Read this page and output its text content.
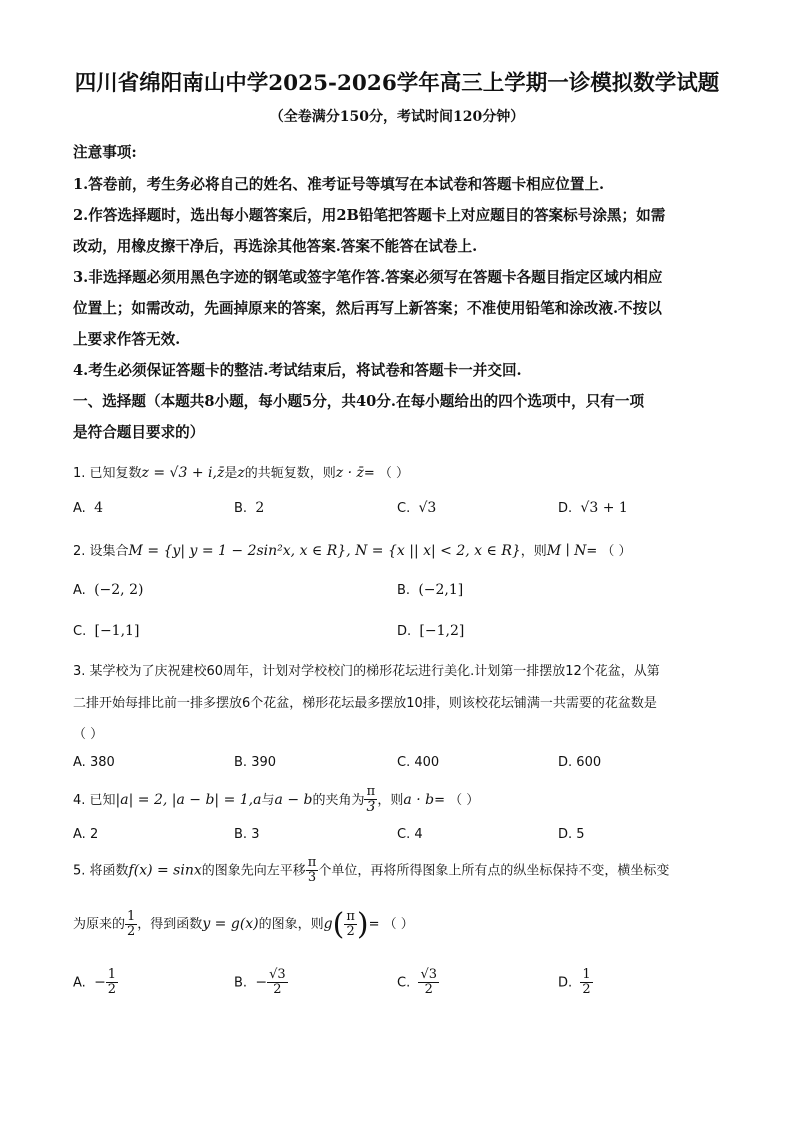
四川省绵阳南山中学2025-2026学年高三上学期一诊模拟数学试题
（全卷满分150分，考试时间120分钟）
注意事项:
1.答卷前，考生务必将自己的姓名、准考证号等填写在本试卷和答题卡相应位置上.
2.作答选择题时，选出每小题答案后，用2B铅笔把答题卡上对应题目的答案标号涂黑；如需
改动，用橡皮擦干净后，再选涂其他答案.答案不能答在试卷上.
3.非选择题必须用黑色字迹的钢笔或签字笔作答.答案必须写在答题卡各题目指定区域内相应
位置上；如需改动，先画掉原来的答案，然后再写上新答案；不准使用铅笔和涂改液.不按以
上要求作答无效.
4.考生必须保证答题卡的整洁.考试结束后，将试卷和答题卡一并交回.
一、选择题（本题共8小题，每小题5分，共40分.在每小题给出的四个选项中，只有一项
是符合题目要求的）
1. 已知复数z = √3 + i,z̄是z的共轭复数，则z · z̄= （ ）
A. 4	B. 2	C. √3	D. √3 + 1
2. 设集合M = {y| y = 1 − 2sin²x, x ∈ R}, N = {x || x| < 2, x ∈ R}，则M ∣ N= （ ）
A. (−2, 2)	B. (−2,1]
C. [−1,1]	D. [−1,2]
3. 某学校为了庆祝建校60周年，计划对学校校门的梯形花坛进行美化.计划第一排摆放12个花盆，从第
二排开始每排比前一排多摆放6个花盆，梯形花坛最多摆放10排，则该校花坛铺满一共需要的花盆数是
（ ）
A. 380	B. 390	C. 400	D. 600
4. 已知|a| = 2, |a − b| = 1,a与a − b的夹角为 $\frac{\pi}{3}$ ，则a · b= （ ）
A. 2	B. 3	C. 4	D. 5
5. 将函数f(x) = sinx的图象先向左平移 $\frac{\pi}{3}$ 个单位，再将所得图象上所有点的纵坐标保持不变，横坐标变
为原来的 $\frac{1}{2}$ ，得到函数y = g(x)的图象，则$g( \frac{\pi}{2}$ )= （ ）
A. − $\frac{1}{2}$	B. − $\frac{√3}{2}$	C. $\frac{√3}{2}$	D. $\frac{1}{2}$
